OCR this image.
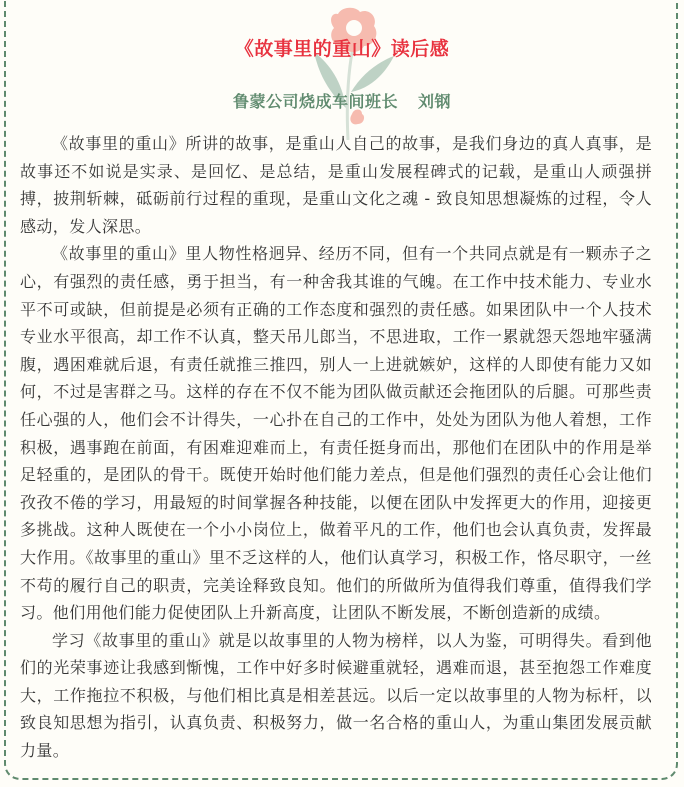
《故事里的重山》读后感
鲁蒙公司烧成车间班长 刘钢

《故事里的重山》所讲的故事，是重山人自己的故事，是我们身边的真人真事，是故事还不如说是实录、是回忆、是总结，是重山发展程碑式的记载，是重山人顽强拼搏，披荆斩棘，砥砺前行过程的重现，是重山文化之魂 - 致良知思想凝炼的过程，令人感动，发人深思。

《故事里的重山》里人物性格迥异、经历不同，但有一个共同点就是有一颗赤子之心，有强烈的责任感，勇于担当，有一种舍我其谁的气魄。在工作中技术能力、专业水平不可或缺，但前提是必须有正确的工作态度和强烈的责任感。如果团队中一个人技术专业水平很高，却工作不认真，整天吊儿郎当，不思进取，工作一累就怨天怨地牢骚满腹，遇困难就后退，有责任就推三推四，别人一上进就嫉妒，这样的人即使有能力又如何，不过是害群之马。这样的存在不仅不能为团队做贡献还会拖团队的后腿。可那些责任心强的人，他们会不计得失，一心扑在自己的工作中，处处为团队为他人着想，工作积极，遇事跑在前面，有困难迎难而上，有责任挺身而出，那他们在团队中的作用是举足轻重的，是团队的骨干。既使开始时他们能力差点，但是他们强烈的责任心会让他们孜孜不倦的学习，用最短的时间掌握各种技能，以便在团队中发挥更大的作用，迎接更多挑战。这种人既使在一个小小岗位上，做着平凡的工作，他们也会认真负责，发挥最大作用。《故事里的重山》里不乏这样的人，他们认真学习，积极工作，恪尽职守，一丝不苟的履行自己的职责，完美诠释致良知。他们的所做所为值得我们尊重，值得我们学习。他们用他们能力促使团队上升新高度，让团队不断发展，不断创造新的成绩。

学习《故事里的重山》就是以故事里的人物为榜样，以人为鉴，可明得失。看到他们的光荣事迹让我感到惭愧，工作中好多时候避重就轻，遇难而退，甚至抱怨工作难度大，工作拖拉不积极，与他们相比真是相差甚远。以后一定以故事里的人物为标杆，以致良知思想为指引，认真负责、积极努力，做一名合格的重山人，为重山集团发展贡献力量。
